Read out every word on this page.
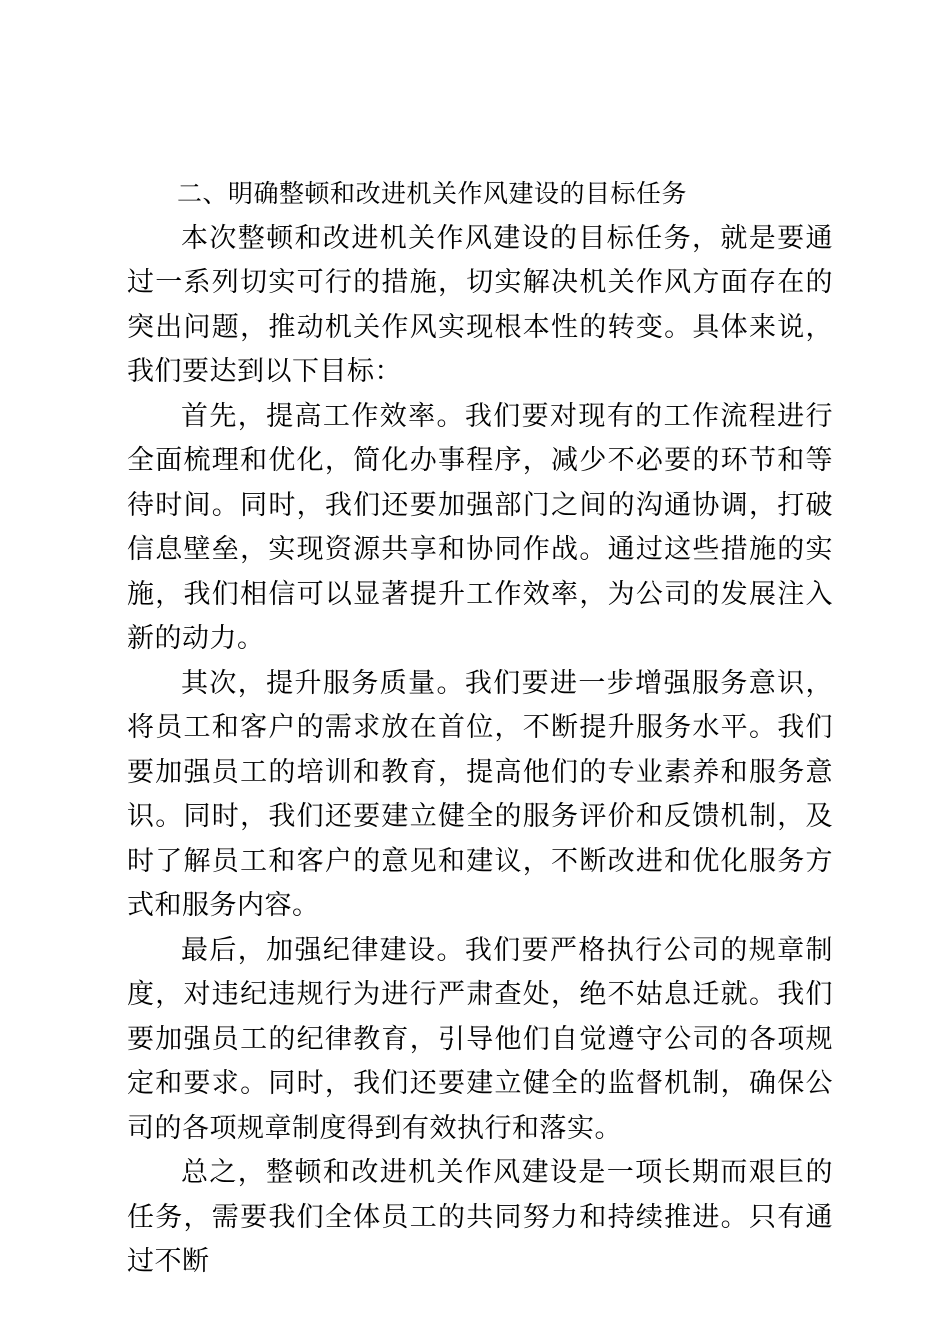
二、明确整顿和改进机关作风建设的目标任务

本次整顿和改进机关作风建设的目标任务，就是要通过一系列切实可行的措施，切实解决机关作风方面存在的突出问题，推动机关作风实现根本性的转变。具体来说，我们要达到以下目标：

首先，提高工作效率。我们要对现有的工作流程进行全面梳理和优化，简化办事程序，减少不必要的环节和等待时间。同时，我们还要加强部门之间的沟通协调，打破信息壁垒，实现资源共享和协同作战。通过这些措施的实施，我们相信可以显著提升工作效率，为公司的发展注入新的动力。

其次，提升服务质量。我们要进一步增强服务意识，将员工和客户的需求放在首位，不断提升服务水平。我们要加强员工的培训和教育，提高他们的专业素养和服务意识。同时，我们还要建立健全的服务评价和反馈机制，及时了解员工和客户的意见和建议，不断改进和优化服务方式和服务内容。

最后，加强纪律建设。我们要严格执行公司的规章制度，对违纪违规行为进行严肃查处，绝不姑息迁就。我们要加强员工的纪律教育，引导他们自觉遵守公司的各项规定和要求。同时，我们还要建立健全的监督机制，确保公司的各项规章制度得到有效执行和落实。

总之，整顿和改进机关作风建设是一项长期而艰巨的任务，需要我们全体员工的共同努力和持续推进。只有通过不断
